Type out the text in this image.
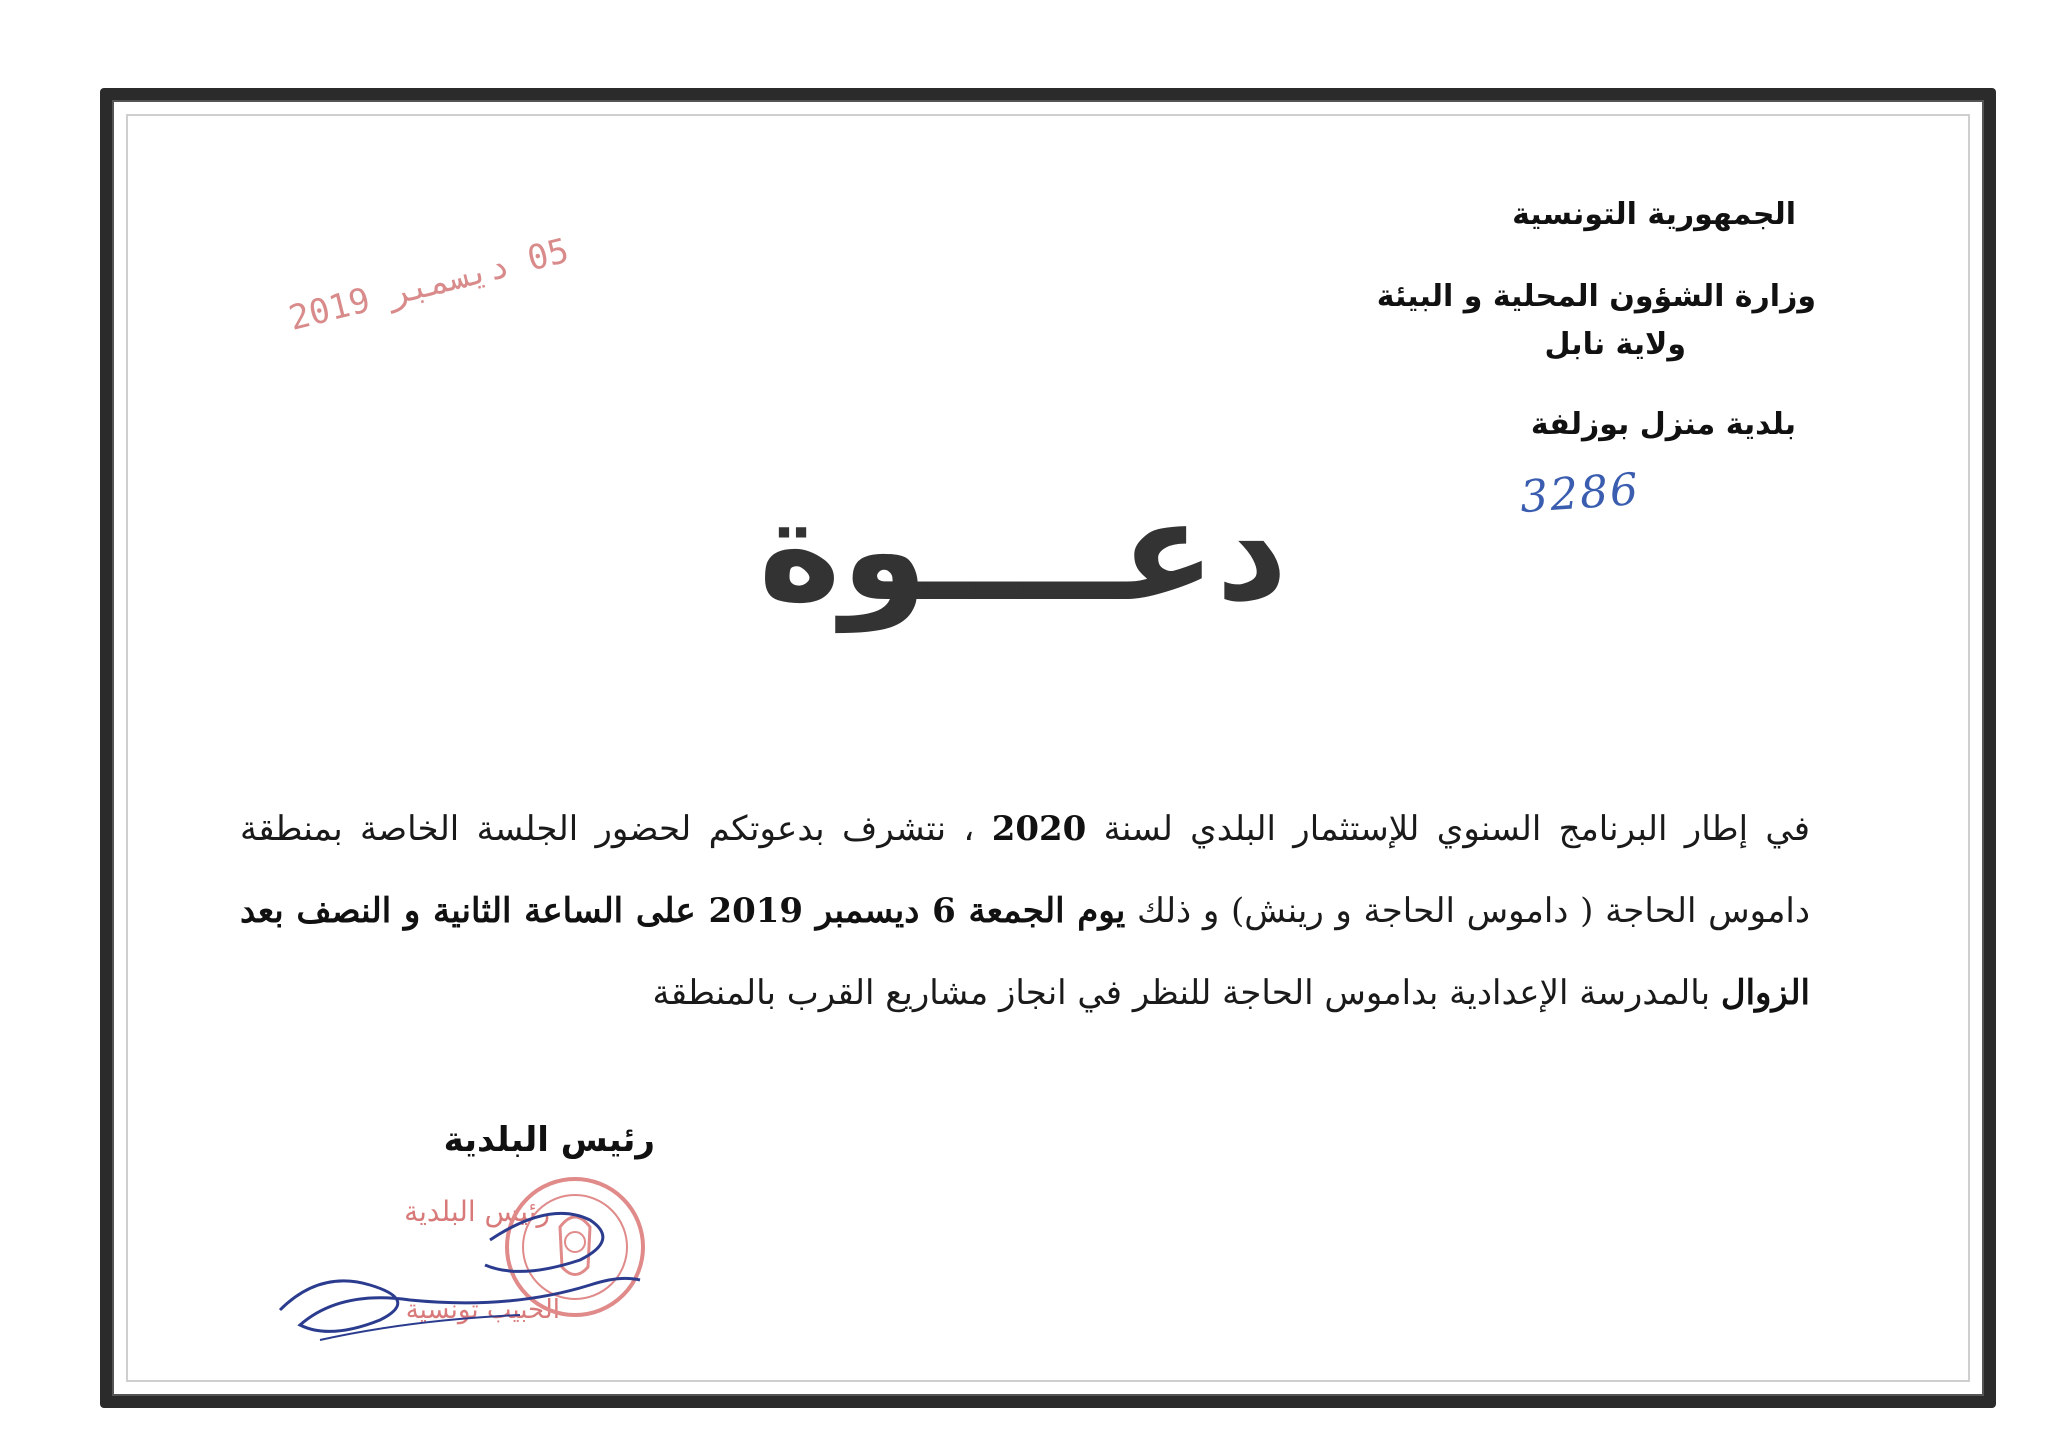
الجمهورية التونسية
وزارة الشؤون المحلية و البيئة
ولاية نابل
بلدية منزل بوزلفة
3286
05 ديسمبر 2019
دعــــوة
في إطار البرنامج السنوي للإستثمار البلدي لسنة 2020 ، نتشرف بدعوتكم لحضور الجلسة الخاصة بمنطقة داموس الحاجة ( داموس الحاجة و رينش) و ذلك يوم الجمعة 6 ديسمبر 2019 على الساعة الثانية و النصف بعد الزوال بالمدرسة الإعدادية بداموس الحاجة للنظر في انجاز مشاريع القرب بالمنطقة
رئيس البلدية
رئيس البلدية
الحبيب تونسية
